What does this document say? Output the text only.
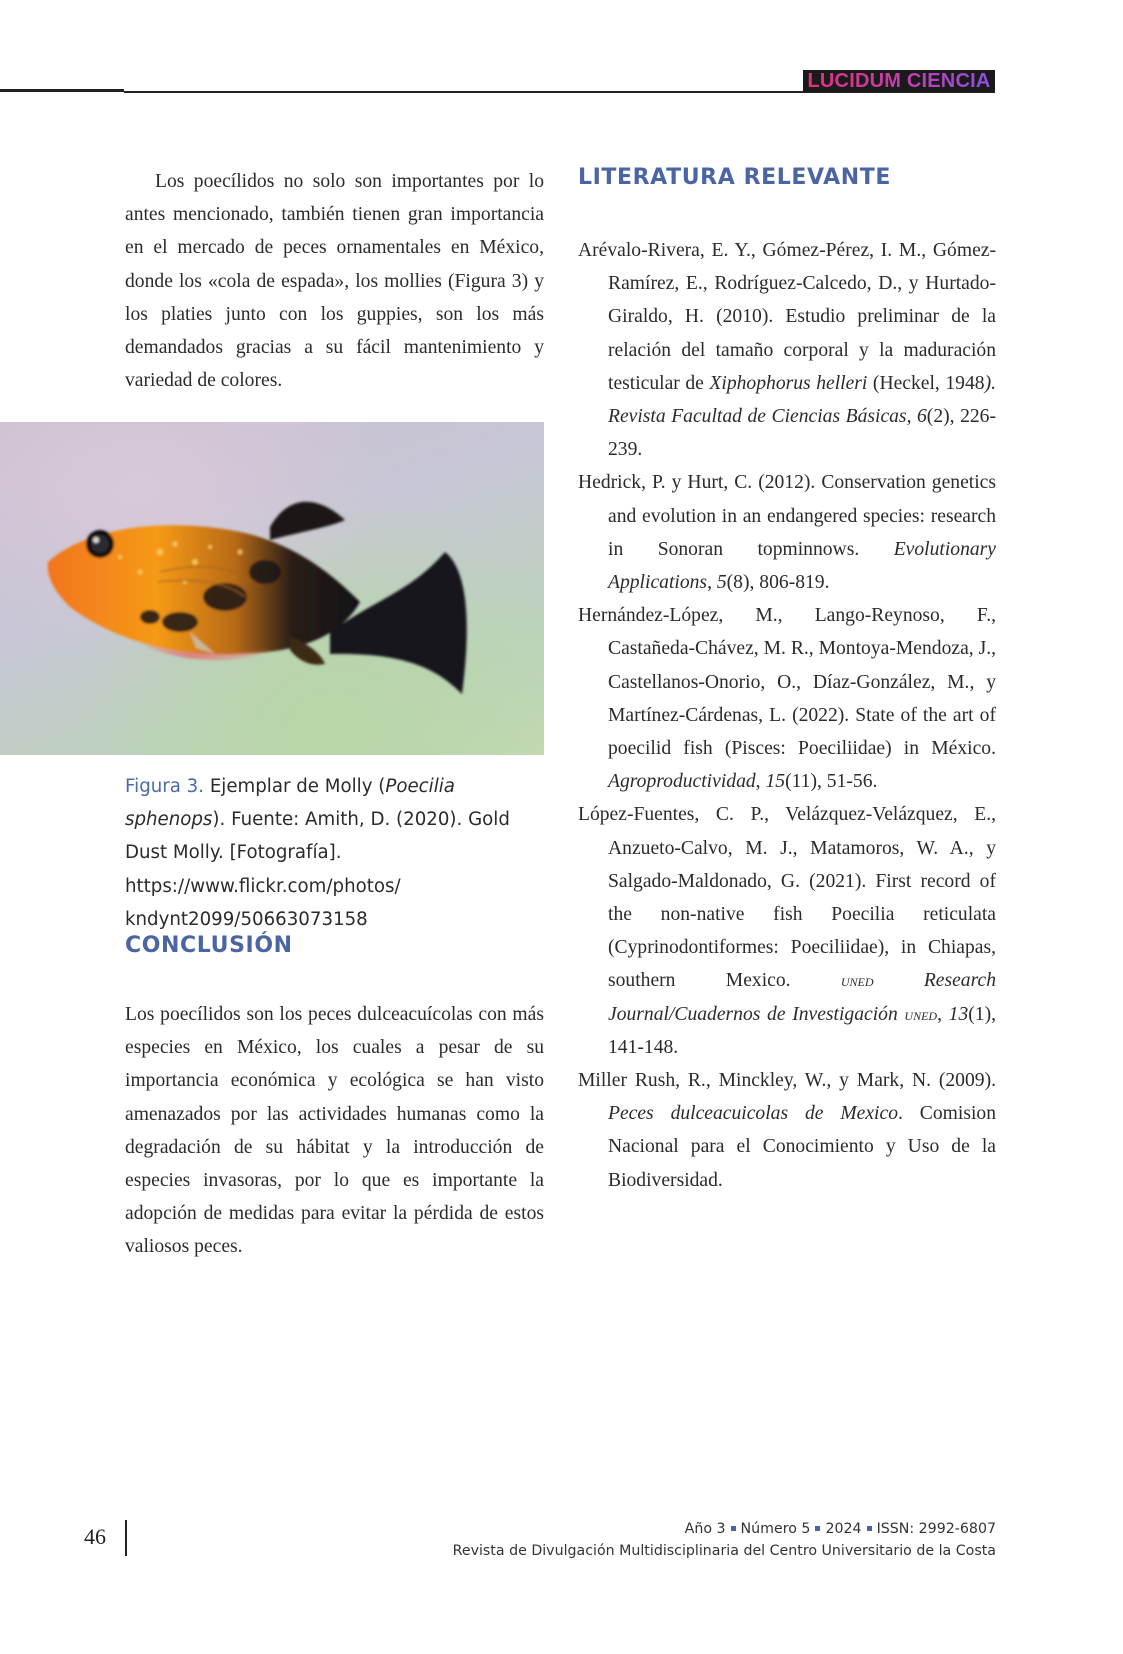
LUCIDUM CIENCIA

Los poecílidos no solo son importantes por lo antes mencionado, también tienen gran importancia en el mercado de peces ornamentales en México, donde los «cola de espada», los mollies (Figura 3) y los platies junto con los guppies, son los más demandados gracias a su fácil mantenimiento y variedad de colores.

Figura 3. Ejemplar de Molly (Poecilia sphenops). Fuente: Amith, D. (2020). Gold Dust Molly. [Fotografía]. https://www.flickr.com/photos/ kndynt2099/50663073158
CONCLUSIÓN

Los poecílidos son los peces dulceacuícolas con más especies en México, los cuales a pesar de su importancia económica y ecológica se han visto amenazados por las actividades humanas como la degradación de su hábitat y la introducción de especies invasoras, por lo que es importante la adopción de medidas para evitar la pérdida de estos valiosos peces.

LITERATURA RELEVANTE

Arévalo-Rivera, E. Y., Gómez-Pérez, I. M., Gómez-Ramírez, E., Rodríguez-Calcedo, D., y Hurtado-Giraldo, H. (2010). Estudio preliminar de la relación del tamaño corporal y la maduración testicular de Xiphophorus helleri (Heckel, 1948). Revista Facultad de Ciencias Básicas, 6(2), 226-239.

Hedrick, P. y Hurt, C. (2012). Conservation genetics and evolution in an endangered species: research in Sonoran topminnows. Evolutionary Applications, 5(8), 806-819.

Hernández-López, M., Lango-Reynoso, F., Castañeda-Chávez, M. R., Montoya-Mendoza, J., Castellanos-Onorio, O., Díaz-González, M., y Martínez-Cárdenas, L. (2022). State of the art of poecilid fish (Pisces: Poeciliidae) in México. Agroproductividad, 15(11), 51-56.

López-Fuentes, C. P., Velázquez-Velázquez, E., Anzueto-Calvo, M. J., Matamoros, W. A., y Salgado-Maldonado, G. (2021). First record of the non-native fish Poecilia reticulata (Cyprinodontiformes: Poeciliidae), in Chiapas, southern Mexico. uned Research Journal/Cuadernos de Investigación uned, 13(1), 141-148.

Miller Rush, R., Minckley, W., y Mark, N. (2009). Peces dulceacuicolas de Mexico. Comision Nacional para el Conocimiento y Uso de la Biodiversidad.

46	Año 3 Número 5 2024 ISSN: 2992-6807
Revista de Divulgación Multidisciplinaria del Centro Universitario de la Costa
